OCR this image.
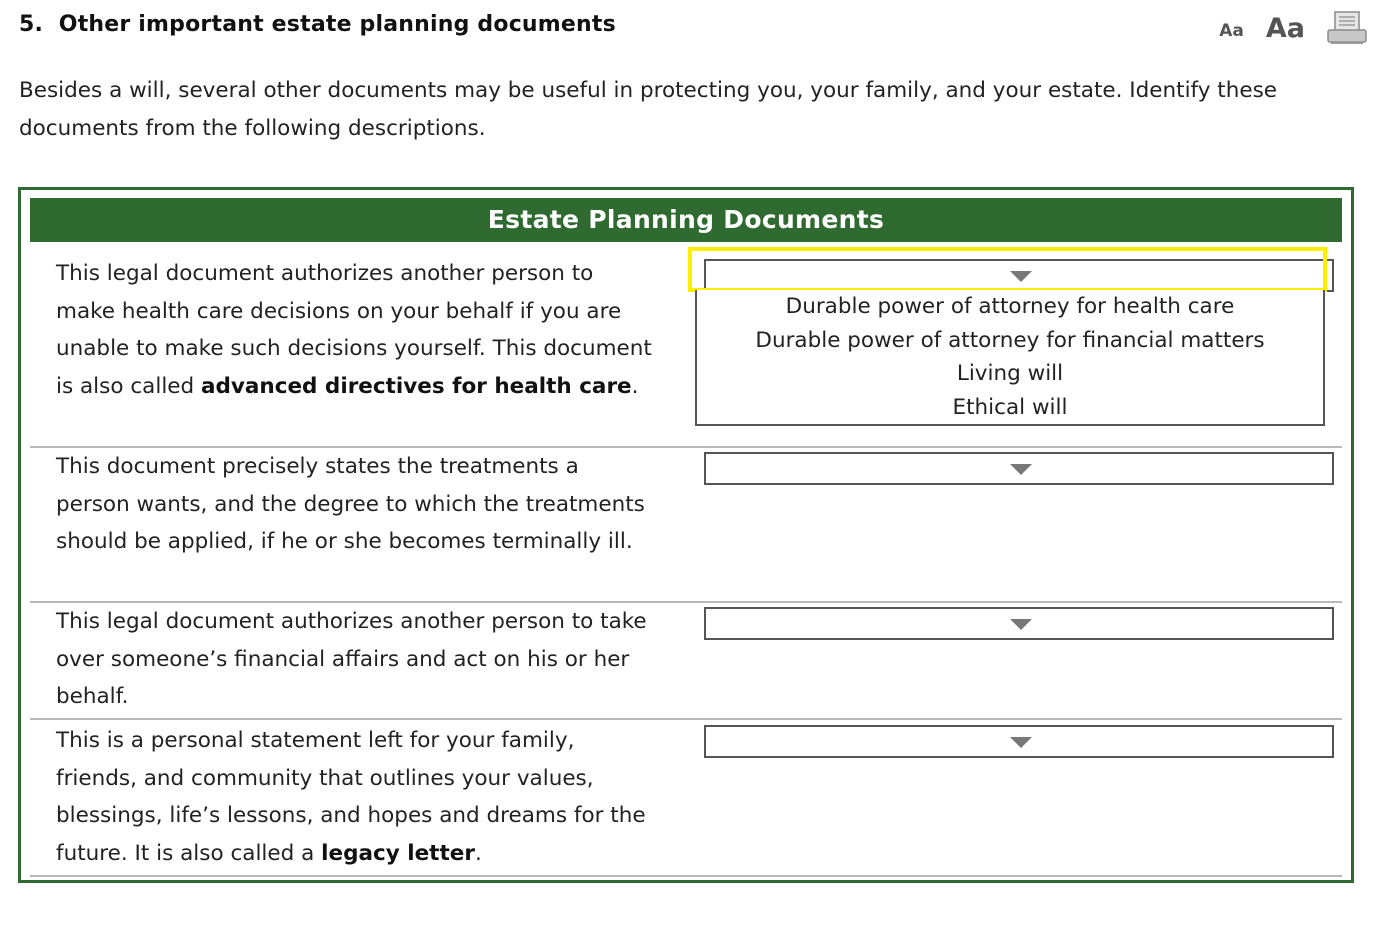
5. Other important estate planning documents	Aa Aa
Besides a will, several other documents may be useful in protecting you, your family, and your estate. Identify these documents from the following descriptions.
Estate Planning Documents
This legal document authorizes another person to make health care decisions on your behalf if you are unable to make such decisions yourself. This document is also called advanced directives for health care.
This document precisely states the treatments a person wants, and the degree to which the treatments should be applied, if he or she becomes terminally ill.
This legal document authorizes another person to take over someone’s financial affairs and act on his or her behalf.
This is a personal statement left for your family, friends, and community that outlines your values, blessings, life’s lessons, and hopes and dreams for the future. It is also called a legacy letter.
Durable power of attorney for health care
Durable power of attorney for financial matters
Living will
Ethical will
